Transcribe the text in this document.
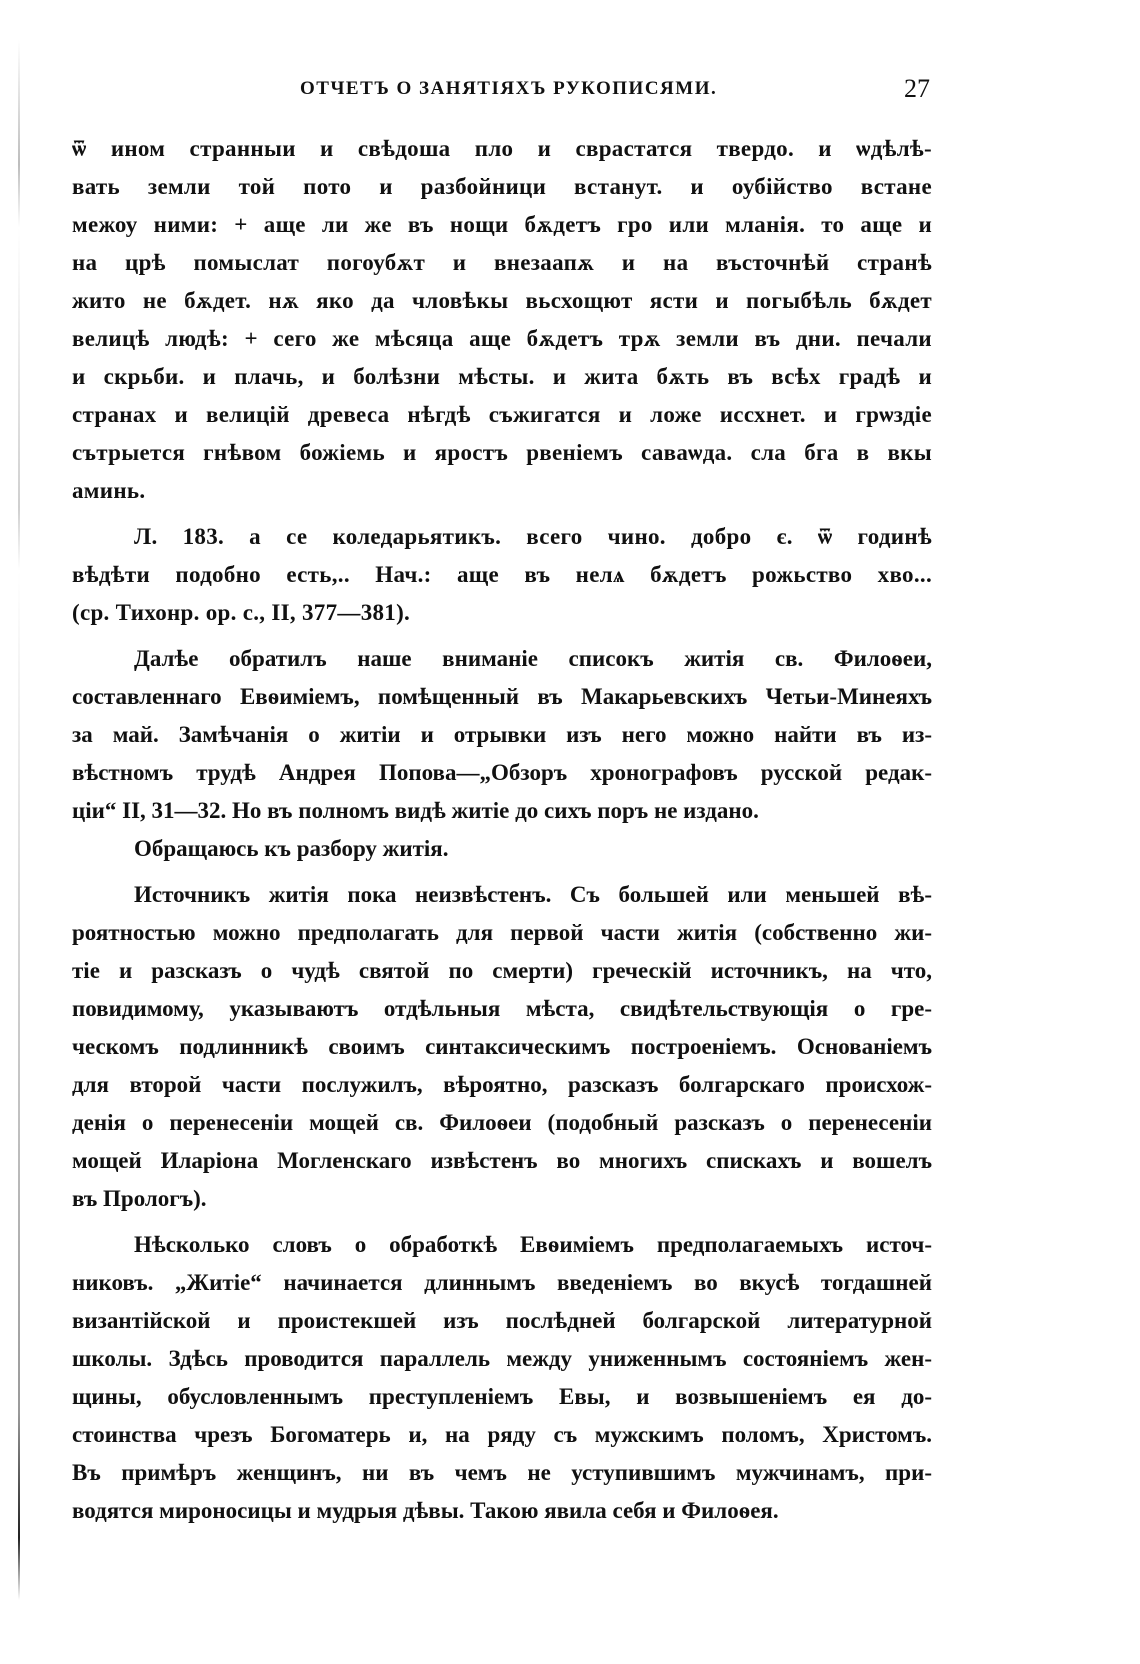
ОТЧЕТЪ О ЗАНЯТІЯХЪ РУКОПИСЯМИ.	27
ѿ ином странныи и свѣдоша пло и сврастатся твердо. и ѡдѣлѣ-
вать земли той пото и разбойници встанут. и оубійство встане
межоу ними: + аще ли же въ нощи бѫдетъ гро или мланія. то аще и
на црѣ помыслат погоубѫт и внезаапѫ и на въсточнѣй странѣ
жито не бѫдет. нѫ яко да чловѣкы вьсхощют ясти и погыбѣль бѫдет
велицѣ людѣ: + сего же мѣсяца аще бѫдетъ трѫ земли въ дни. печали
и скрьби. и плачь, и болѣзни мѣсты. и жита бѫть въ всѣх градѣ и
странах и велицій древеса нѣгдѣ съжигатся и ложе иссхнет. и грѡздіе
сътрыется гнѣвом божіемь и яростъ рвеніемъ саваѡда. сла бга в вкы
аминь.
Л. 183. а се коледарьятикъ. всего чино. добро є. ѿ годинѣ
вѣдѣти подобно есть,.. Нач.: аще въ нелѧ бѫдетъ рожьство хво...
(ср. Тихонр. ор. с., II, 377—381).
Далѣе обратилъ наше вниманіе списокъ житія св. Филоѳеи,
составленнаго Евѳиміемъ, помѣщенный въ Макарьевскихъ Четьи-Минеяхъ
за май. Замѣчанія о житіи и отрывки изъ него можно найти въ из-
вѣстномъ трудѣ Андрея Попова—„Обзоръ хронографовъ русской редак-
ціи“ II, 31—32. Но въ полномъ видѣ житіе до сихъ поръ не издано.
Обращаюсь къ разбору житія.
Источникъ житія пока неизвѣстенъ. Съ большей или меньшей вѣ-
роятностью можно предполагать для первой части житія (собственно жи-
тіе и разсказъ о чудѣ святой по смерти) греческій источникъ, на что,
повидимому, указываютъ отдѣльныя мѣста, свидѣтельствующія о гре-
ческомъ подлинникѣ своимъ синтаксическимъ построеніемъ. Основаніемъ
для второй части послужилъ, вѣроятно, разсказъ болгарскаго происхож-
денія о перенесеніи мощей св. Филоѳеи (подобный разсказъ о перенесеніи
мощей Иларіона Могленскаго извѣстенъ во многихъ спискахъ и вошелъ
въ Прологъ).
Нѣсколько словъ о обработкѣ Евѳиміемъ предполагаемыхъ источ-
никовъ. „Житіе“ начинается длиннымъ введеніемъ во вкусѣ тогдашней
византійской и проистекшей изъ послѣдней болгарской литературной
школы. Здѣсь проводится параллель между униженнымъ состояніемъ жен-
щины, обусловленнымъ преступленіемъ Евы, и возвышеніемъ ея до-
стоинства чрезъ Богоматерь и, на ряду съ мужскимъ поломъ, Христомъ.
Въ примѣръ женщинъ, ни въ чемъ не уступившимъ мужчинамъ, при-
водятся мироносицы и мудрыя дѣвы. Такою явила себя и Филоѳея.
